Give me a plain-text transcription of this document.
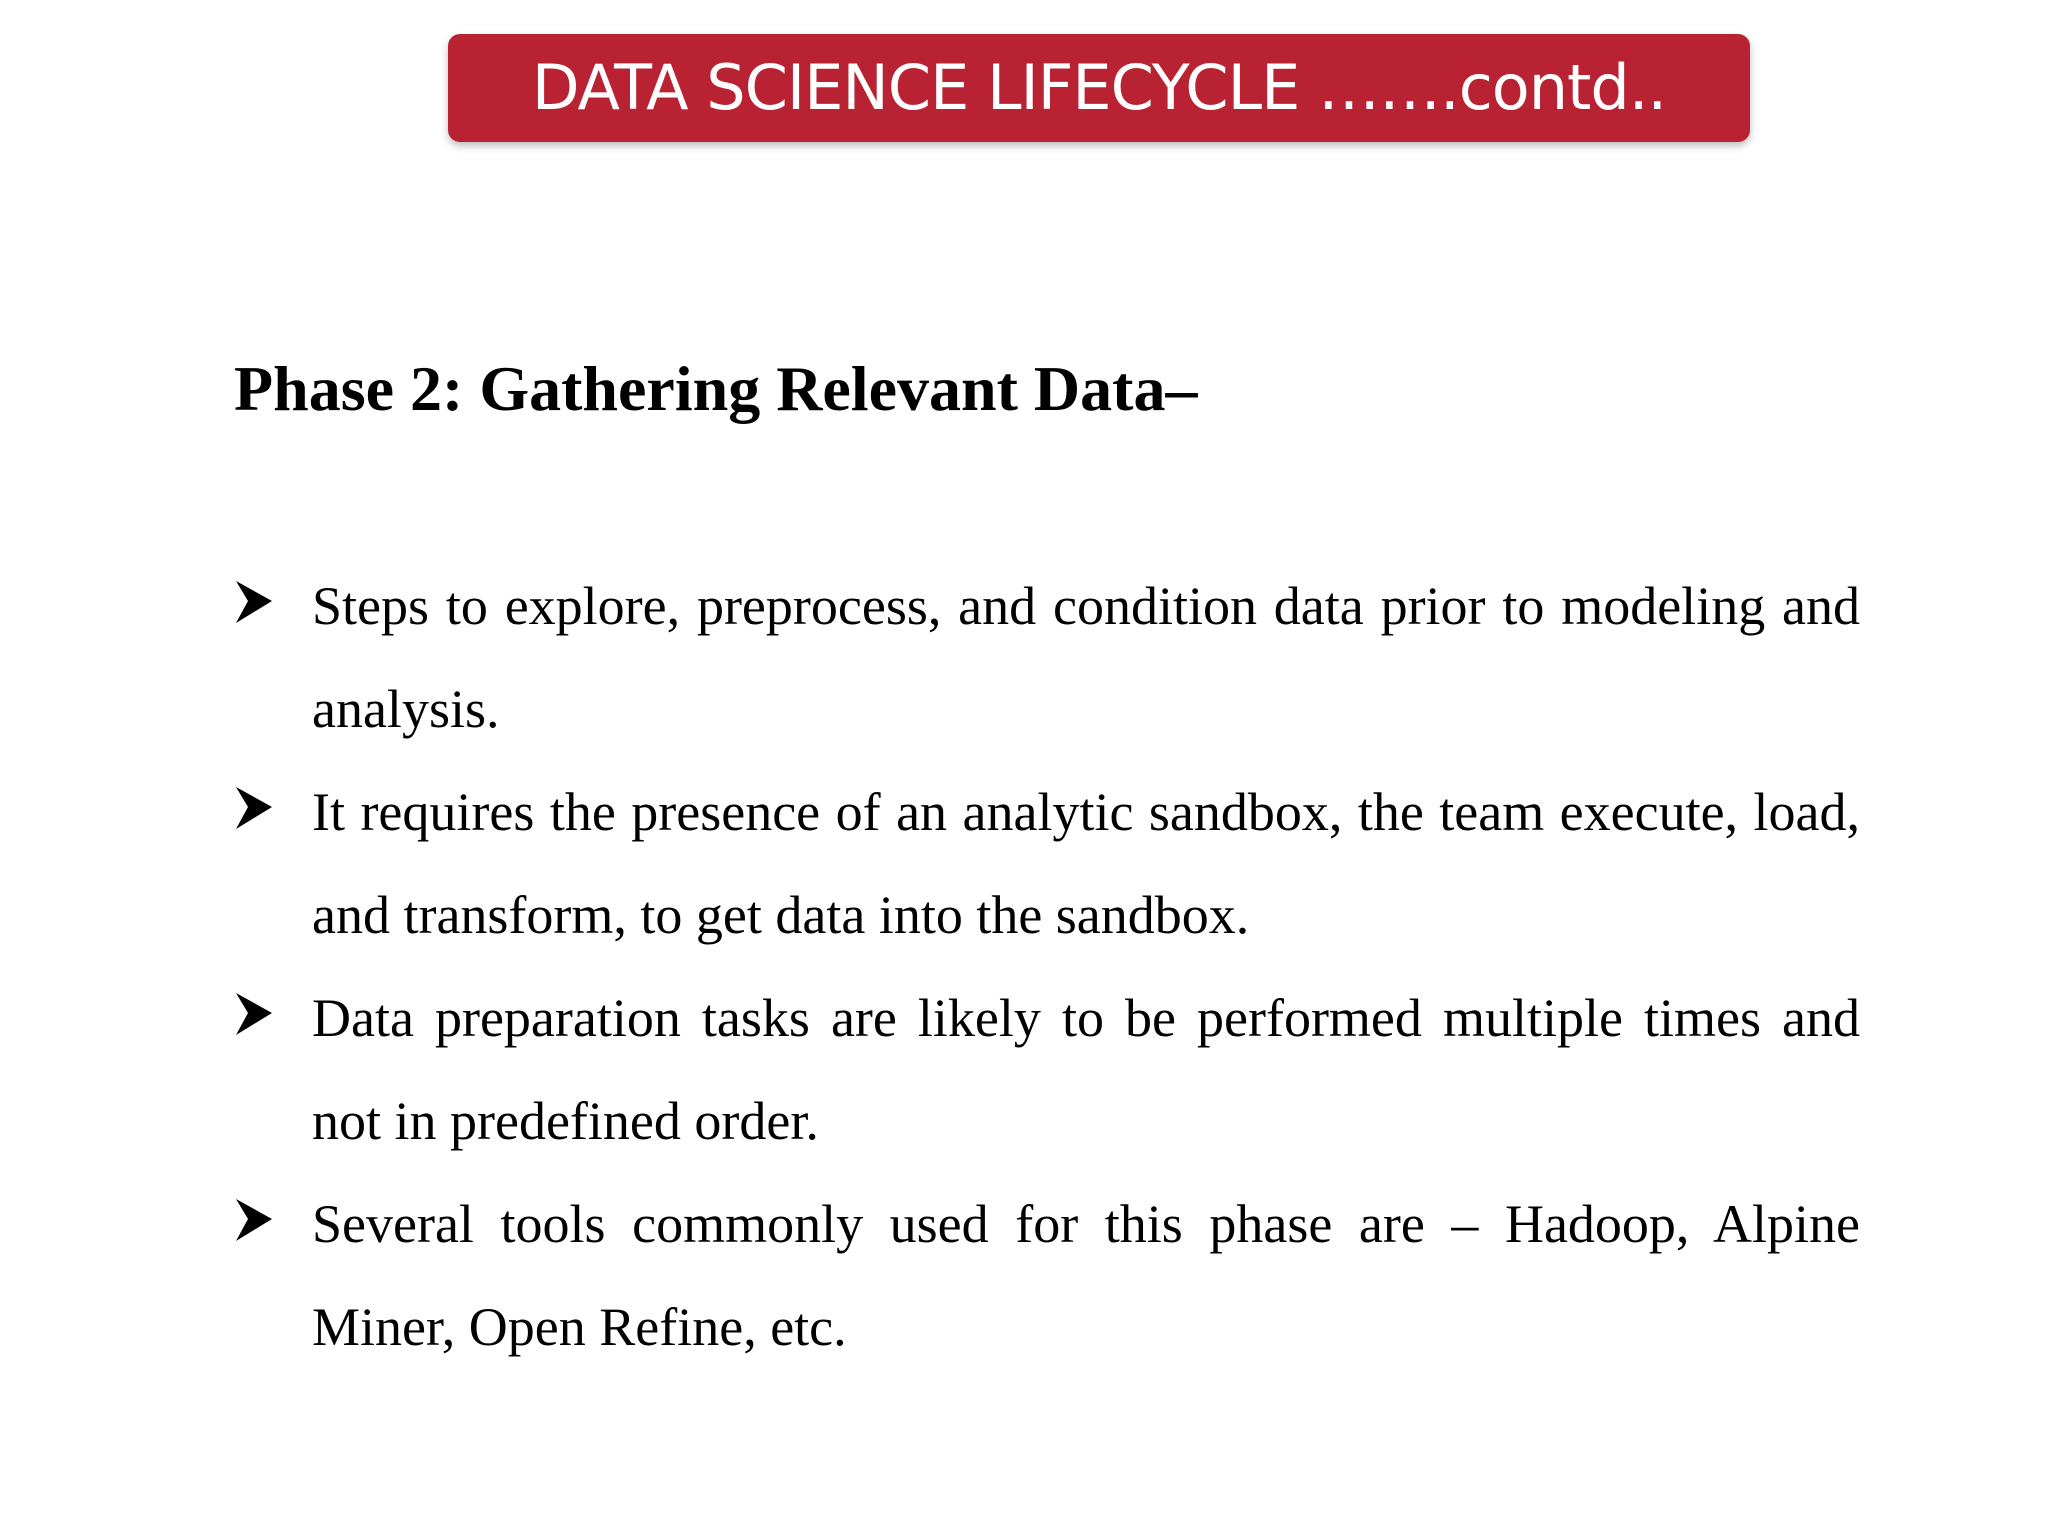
DATA SCIENCE LIFECYCLE …….contd..
Phase 2: Gathering Relevant Data–
Steps to explore, preprocess, and condition data prior to modeling and analysis.
It requires the presence of an analytic sandbox, the team execute, load, and transform, to get data into the sandbox.
Data preparation tasks are likely to be performed multiple times and not in predefined order.
Several tools commonly used for this phase are – Hadoop, Alpine Miner, Open Refine, etc.
